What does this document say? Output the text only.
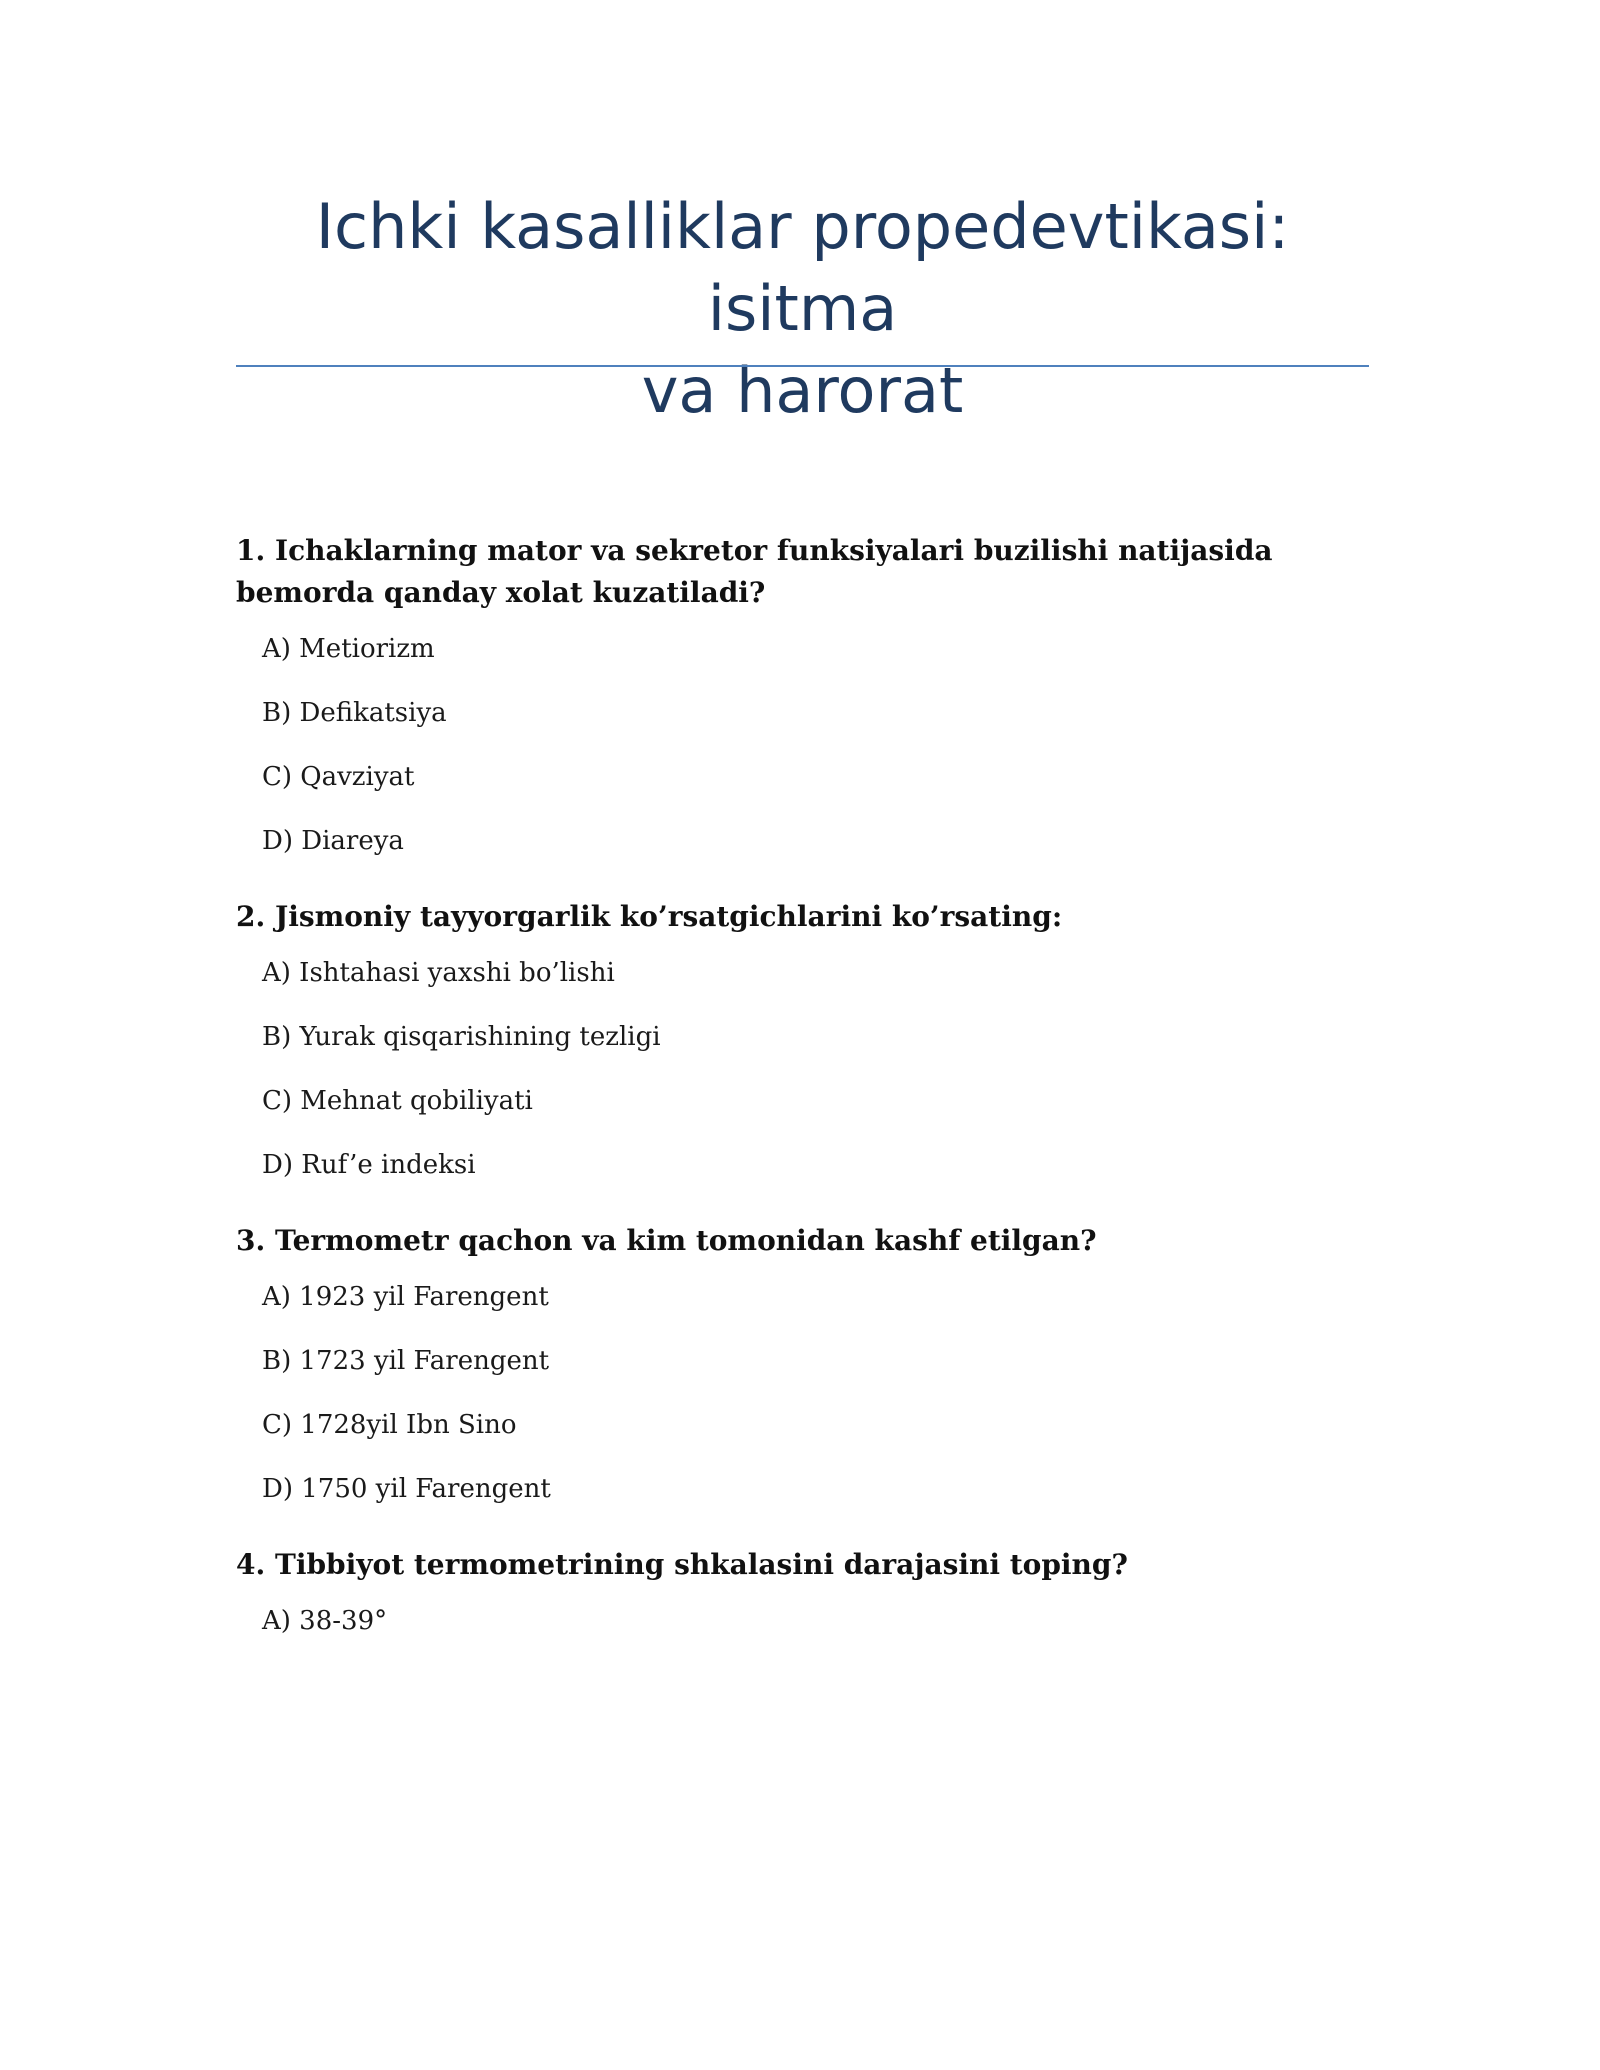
Ichki kasalliklar propedevtikasi: isitma
va harorat

1. Ichaklarning mator va sekretor funksiyalari buzilishi natijasida bemorda qanday xolat kuzatiladi?

A) Metiorizm
B) Defikatsiya
C) Qavziyat
D) Diareya

2. Jismoniy tayyorgarlik ko’rsatgichlarini ko’rsating:

A) Ishtahasi yaxshi bo’lishi
B) Yurak qisqarishining tezligi
C) Mehnat qobiliyati
D) Ruf’e indeksi

3. Termometr qachon va kim tomonidan kashf etilgan?

A) 1923 yil Farengent
B) 1723 yil Farengent
C) 1728yil Ibn Sino
D) 1750 yil Farengent

4. Tibbiyot termometrining shkalasini darajasini toping?

A) 38-39°
